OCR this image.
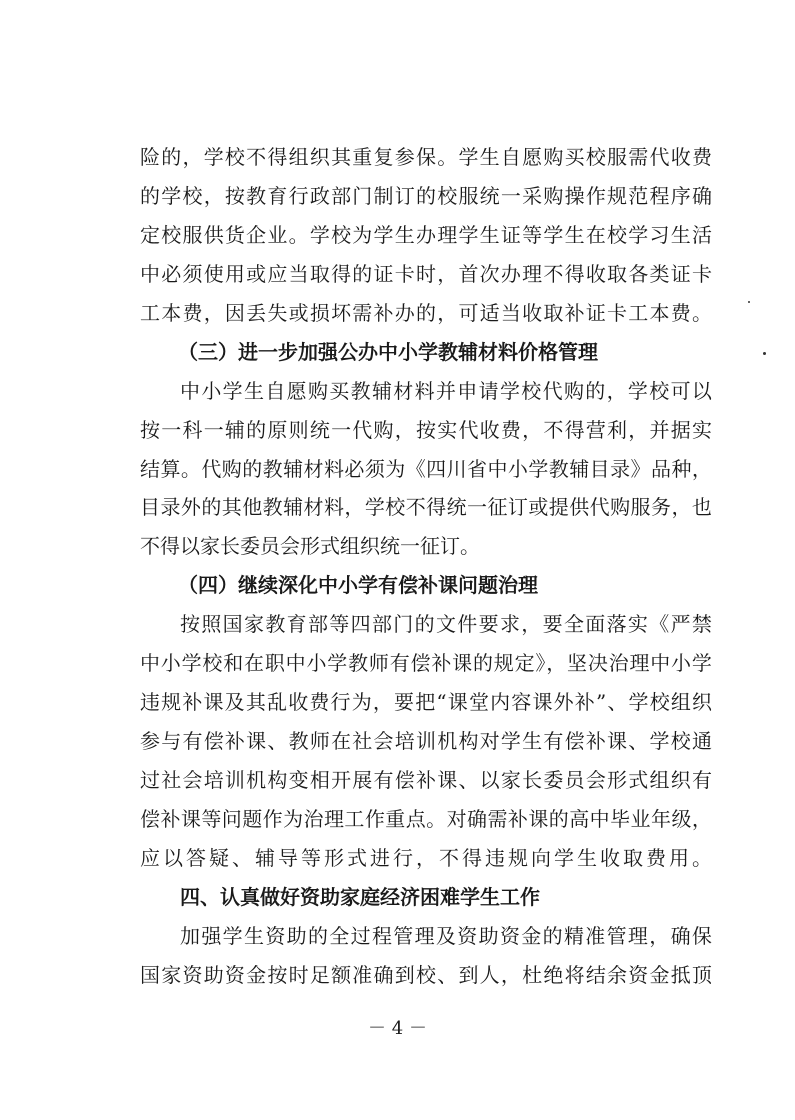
险的，学校不得组织其重复参保。学生自愿购买校服需代收费
的学校，按教育行政部门制订的校服统一采购操作规范程序确
定校服供货企业。学校为学生办理学生证等学生在校学习生活
中必须使用或应当取得的证卡时，首次办理不得收取各类证卡
工本费，因丢失或损坏需补办的，可适当收取补证卡工本费。
（三）进一步加强公办中小学教辅材料价格管理
中小学生自愿购买教辅材料并申请学校代购的，学校可以
按一科一辅的原则统一代购，按实代收费，不得营利，并据实
结算。代购的教辅材料必须为《四川省中小学教辅目录》品种，
目录外的其他教辅材料，学校不得统一征订或提供代购服务，也
不得以家长委员会形式组织统一征订。
（四）继续深化中小学有偿补课问题治理
按照国家教育部等四部门的文件要求，要全面落实《严禁
中小学校和在职中小学教师有偿补课的规定》，坚决治理中小学
违规补课及其乱收费行为，要把“课堂内容课外补”、学校组织
参与有偿补课、教师在社会培训机构对学生有偿补课、学校通
过社会培训机构变相开展有偿补课、以家长委员会形式组织有
偿补课等问题作为治理工作重点。对确需补课的高中毕业年级，
应以答疑、辅导等形式进行，不得违规向学生收取费用。
四、认真做好资助家庭经济困难学生工作
加强学生资助的全过程管理及资助资金的精准管理，确保
国家资助资金按时足额准确到校、到人，杜绝将结余资金抵顶
－ 4 －
